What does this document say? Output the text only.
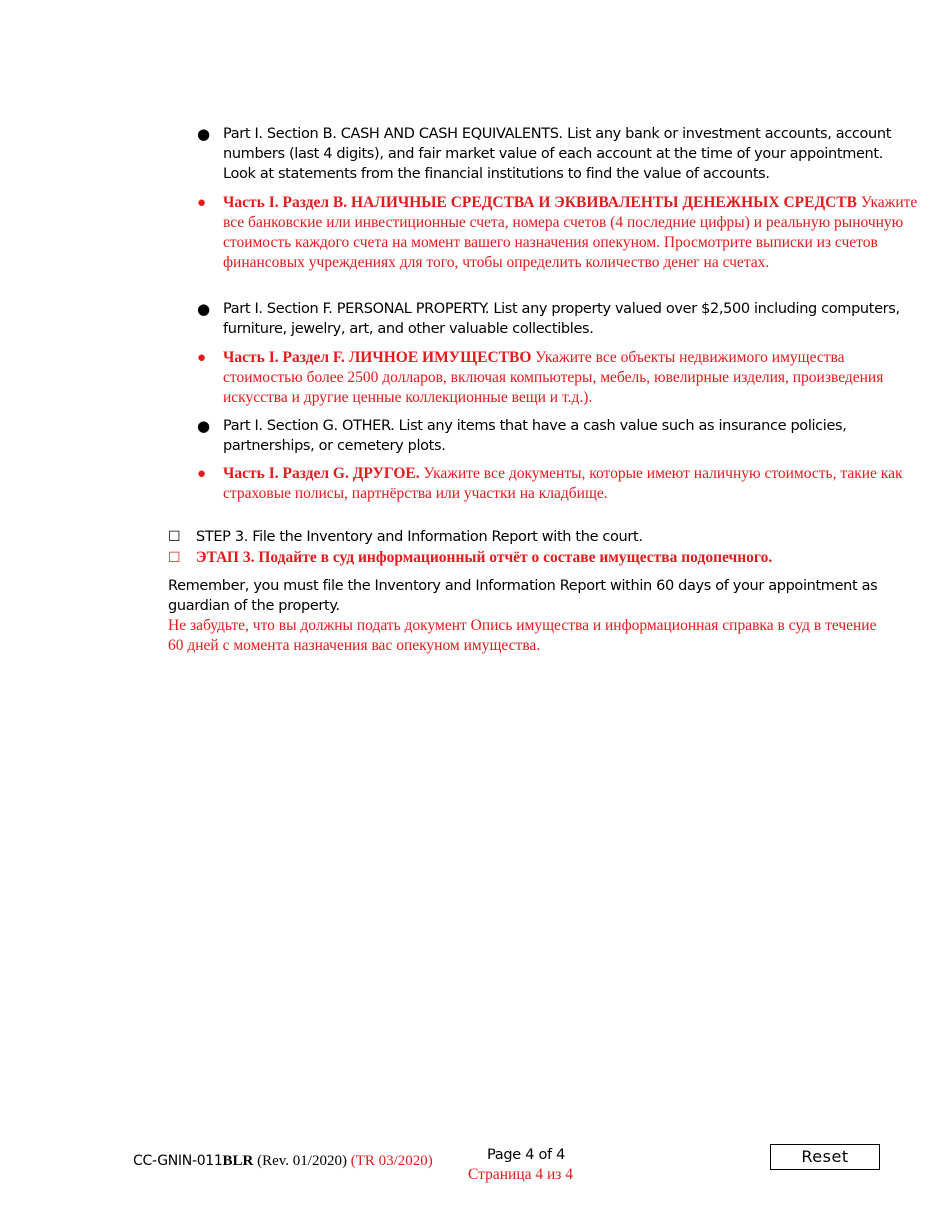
● Part I. Section B. CASH AND CASH EQUIVALENTS. List any bank or investment accounts, account numbers (last 4 digits), and fair market value of each account at the time of your appointment. Look at statements from the financial institutions to find the value of accounts.
●	Часть I. Раздел B. НАЛИЧНЫЕ СРЕДСТВА И ЭКВИВАЛЕНТЫ ДЕНЕЖНЫХ СРЕДСТВ Укажите все банковские или инвестиционные счета, номера счетов (4 последние цифры) и реальную рыночную стоимость каждого счета на момент вашего назначения опекуном. Просмотрите выписки из счетов финансовых учреждениях для того, чтобы определить количество денег на счетах.
● Part I. Section F. PERSONAL PROPERTY. List any property valued over $2,500 including computers, furniture, jewelry, art, and other valuable collectibles.
●	Часть I. Раздел F. ЛИЧНОЕ ИМУЩЕСТВО Укажите все объекты недвижимого имущества стоимостью более 2500 долларов, включая компьютеры, мебель, ювелирные изделия, произведения искусства и другие ценные коллекционные вещи и т.д.).
● Part I. Section G. OTHER. List any items that have a cash value such as insurance policies, partnerships, or cemetery plots.
●	Часть I. Раздел G. ДРУГОЕ. Укажите все документы, которые имеют наличную стоимость, такие как страховые полисы, партнёрства или участки на кладбище.
☐ STEP 3. File the Inventory and Information Report with the court.
☐ ЭТАП 3. Подайте в суд информационный отчёт о составе имущества подопечного.
Remember, you must file the Inventory and Information Report within 60 days of your appointment as guardian of the property.
Не забудьте, что вы должны подать документ Опись имущества и информационная справка в суд в течение 60 дней с момента назначения вас опекуном имущества.
CC-GNIN-011BLR (Rev. 01/2020) (TR 03/2020)	Page 4 of 4
Страница 4 из 4
Reset
